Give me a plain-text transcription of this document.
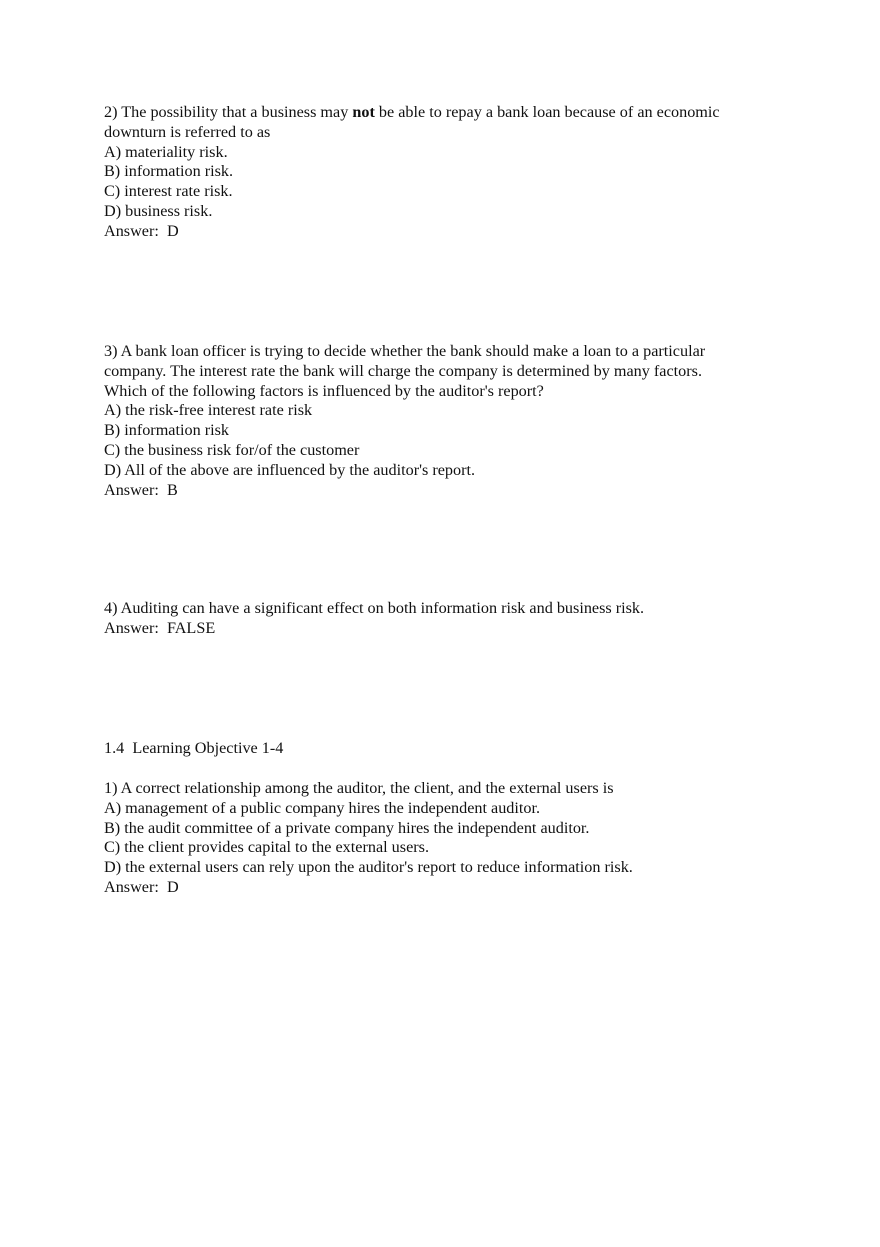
2) The possibility that a business may not be able to repay a bank loan because of an economic
downturn is referred to as
A) materiality risk.
B) information risk.
C) interest rate risk.
D) business risk.
Answer:  D
3) A bank loan officer is trying to decide whether the bank should make a loan to a particular
company. The interest rate the bank will charge the company is determined by many factors.
Which of the following factors is influenced by the auditor's report?
A) the risk-free interest rate risk
B) information risk
C) the business risk for/of the customer
D) All of the above are influenced by the auditor's report.
Answer:  B
4) Auditing can have a significant effect on both information risk and business risk.
Answer:  FALSE
1.4  Learning Objective 1-4
1) A correct relationship among the auditor, the client, and the external users is
A) management of a public company hires the independent auditor.
B) the audit committee of a private company hires the independent auditor.
C) the client provides capital to the external users.
D) the external users can rely upon the auditor's report to reduce information risk.
Answer:  D
